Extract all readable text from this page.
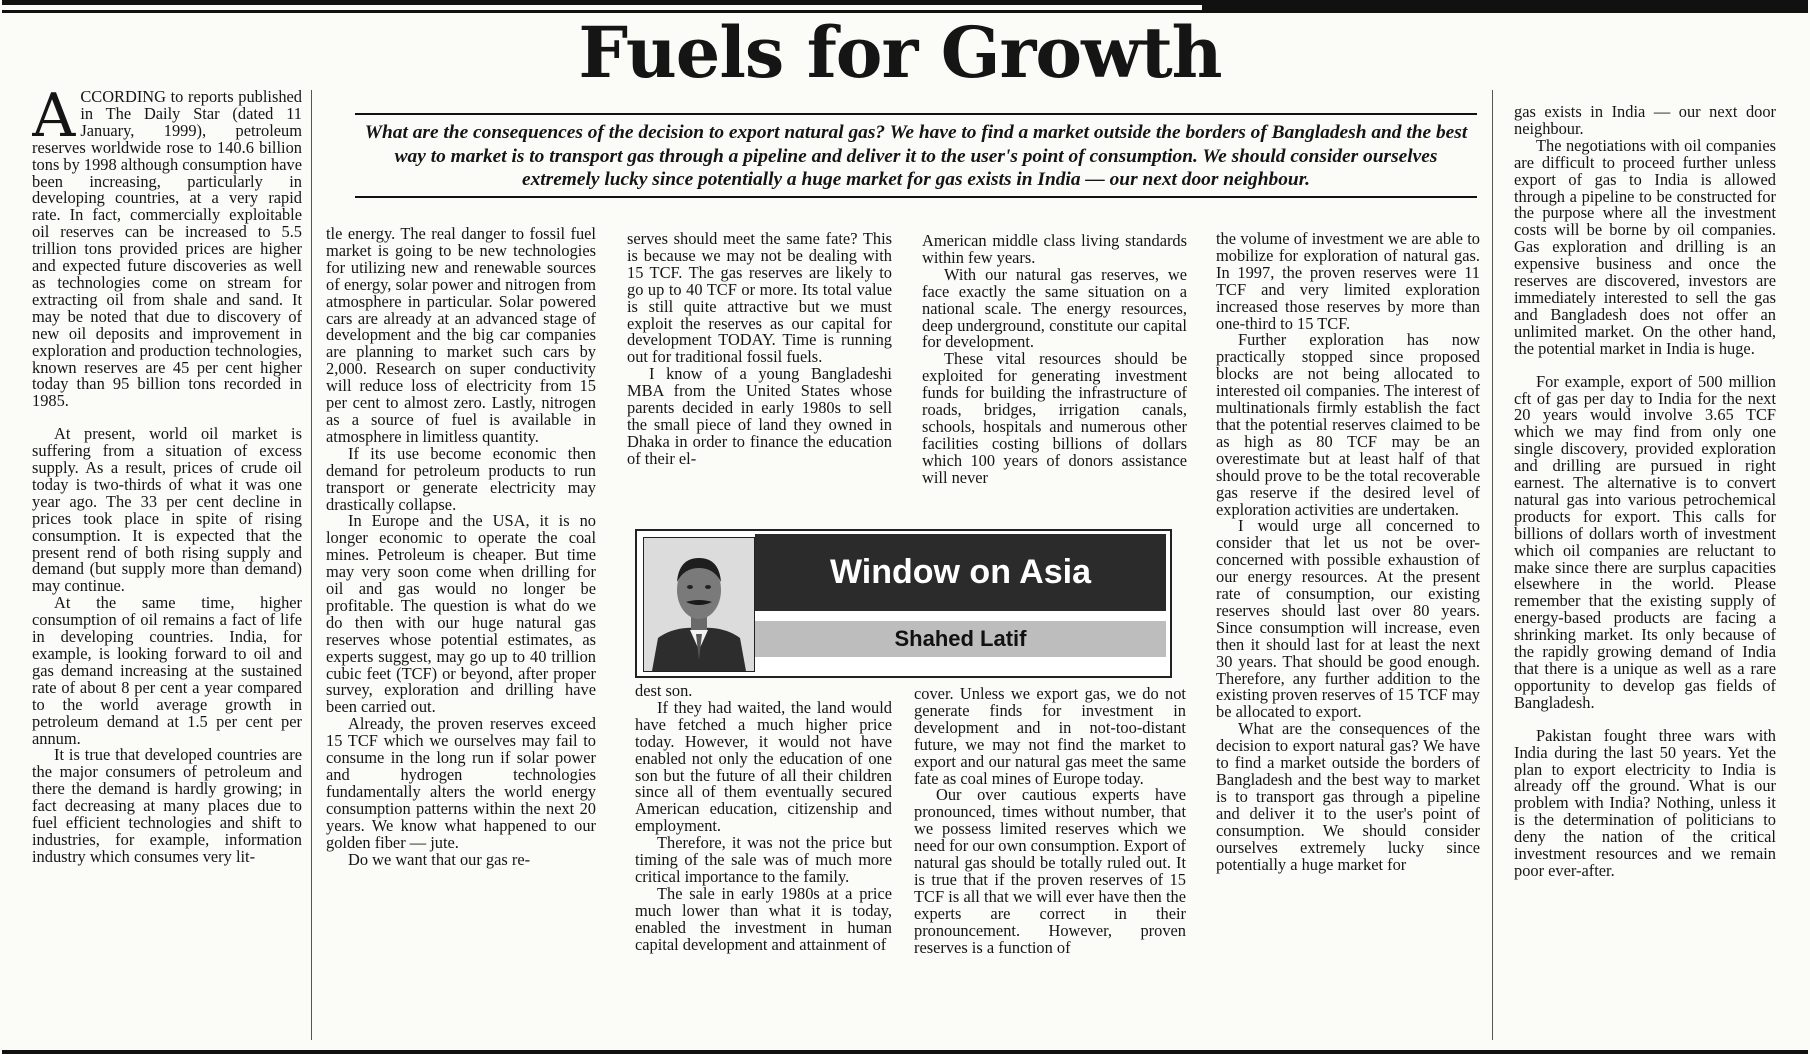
Fuels for Growth

What are the consequences of the decision to export natural gas? We have to find a market outside the borders of Bangladesh and the best way to market is to transport gas through a pipeline and deliver it to the user's point of consumption. We should consider ourselves extremely lucky since potentially a huge market for gas exists in India — our next door neighbour.

ACCORDING to reports published in The Daily Star (dated 11 January, 1999), petroleum reserves worldwide rose to 140.6 billion tons by 1998 although consumption have been increasing, particularly in developing countries, at a very rapid rate. In fact, commercially exploitable oil reserves can be increased to 5.5 trillion tons provided prices are higher and expected future discoveries as well as technologies come on stream for extracting oil from shale and sand. It may be noted that due to discovery of new oil deposits and improvement in exploration and production technologies, known reserves are 45 per cent higher today than 95 billion tons recorded in 1985.

At present, world oil market is suffering from a situation of excess supply. As a result, prices of crude oil today is two-thirds of what it was one year ago. The 33 per cent decline in prices took place in spite of rising consumption. It is expected that the present rend of both rising supply and demand (but supply more than demand) may continue.

At the same time, higher consumption of oil remains a fact of life in developing countries. India, for example, is looking forward to oil and gas demand increasing at the sustained rate of about 8 per cent a year compared to the world average growth in petroleum demand at 1.5 per cent per annum.

It is true that developed countries are the major consumers of petroleum and there the demand is hardly growing; in fact decreasing at many places due to fuel efficient technologies and shift to industries, for example, information industry which consumes very lit-

tle energy. The real danger to fossil fuel market is going to be new technologies for utilizing new and renewable sources of energy, solar power and nitrogen from atmosphere in particular. Solar powered cars are already at an advanced stage of development and the big car companies are planning to market such cars by 2,000. Research on super conductivity will reduce loss of electricity from 15 per cent to almost zero. Lastly, nitrogen as a source of fuel is available in atmosphere in limitless quantity.

If its use become economic then demand for petroleum products to run transport or generate electricity may drastically collapse.

In Europe and the USA, it is no longer economic to operate the coal mines. Petroleum is cheaper. But time may very soon come when drilling for oil and gas would no longer be profitable. The question is what do we do then with our huge natural gas reserves whose potential estimates, as experts suggest, may go up to 40 trillion cubic feet (TCF) or beyond, after proper survey, exploration and drilling have been carried out.

Already, the proven reserves exceed 15 TCF which we ourselves may fail to consume in the long run if solar power and hydrogen technologies fundamentally alters the world energy consumption patterns within the next 20 years. We know what happened to our golden fiber — jute.

Do we want that our gas re-

serves should meet the same fate? This is because we may not be dealing with 15 TCF. The gas reserves are likely to go up to 40 TCF or more. Its total value is still quite attractive but we must exploit the reserves as our capital for development TODAY. Time is running out for traditional fossil fuels.

I know of a young Bangladeshi MBA from the United States whose parents decided in early 1980s to sell the small piece of land they owned in Dhaka in order to finance the education of their el-

dest son.

If they had waited, the land would have fetched a much higher price today. However, it would not have enabled not only the education of one son but the future of all their children since all of them eventually secured American education, citizenship and employment.

Therefore, it was not the price but timing of the sale was of much more critical importance to the family.

The sale in early 1980s at a price much lower than what it is today, enabled the investment in human capital development and attainment of

American middle class living standards within few years.

With our natural gas reserves, we face exactly the same situation on a national scale. The energy resources, deep underground, constitute our capital for development.

These vital resources should be exploited for generating investment funds for building the infrastructure of roads, bridges, irrigation canals, schools, hospitals and numerous other facilities costing billions of dollars which 100 years of donors assistance will never

cover. Unless we export gas, we do not generate finds for investment in development and in not-too-distant future, we may not find the market to export and our natural gas meet the same fate as coal mines of Europe today.

Our over cautious experts have pronounced, times without number, that we possess limited reserves which we need for our own consumption. Export of natural gas should be totally ruled out. It is true that if the proven reserves of 15 TCF is all that we will ever have then the experts are correct in their pronouncement. However, proven reserves is a function of

the volume of investment we are able to mobilize for exploration of natural gas. In 1997, the proven reserves were 11 TCF and very limited exploration increased those reserves by more than one-third to 15 TCF.

Further exploration has now practically stopped since proposed blocks are not being allocated to interested oil companies. The interest of multinationals firmly establish the fact that the potential reserves claimed to be as high as 80 TCF may be an overestimate but at least half of that should prove to be the total recoverable gas reserve if the desired level of exploration activities are undertaken.

I would urge all concerned to consider that let us not be over-concerned with possible exhaustion of our energy resources. At the present rate of consumption, our existing reserves should last over 80 years. Since consumption will increase, even then it should last for at least the next 30 years. That should be good enough. Therefore, any further addition to the existing proven reserves of 15 TCF may be allocated to export.

What are the consequences of the decision to export natural gas? We have to find a market outside the borders of Bangladesh and the best way to market is to transport gas through a pipeline and deliver it to the user's point of consumption. We should consider ourselves extremely lucky since potentially a huge market for

gas exists in India — our next door neighbour.

The negotiations with oil companies are difficult to proceed further unless export of gas to India is allowed through a pipeline to be constructed for the purpose where all the investment costs will be borne by oil companies. Gas exploration and drilling is an expensive business and once the reserves are discovered, investors are immediately interested to sell the gas and Bangladesh does not offer an unlimited market. On the other hand, the potential market in India is huge.

For example, export of 500 million cft of gas per day to India for the next 20 years would involve 3.65 TCF which we may find from only one single discovery, provided exploration and drilling are pursued in right earnest. The alternative is to convert natural gas into various petrochemical products for export. This calls for billions of dollars worth of investment which oil companies are reluctant to make since there are surplus capacities elsewhere in the world. Please remember that the existing supply of energy-based products are facing a shrinking market. Its only because of the rapidly growing demand of India that there is a unique as well as a rare opportunity to develop gas fields of Bangladesh.

Pakistan fought three wars with India during the last 50 years. Yet the plan to export electricity to India is already off the ground. What is our problem with India? Nothing, unless it is the determination of politicians to deny the nation of the critical investment resources and we remain poor ever-after.

Window on Asia
Shahed Latif
